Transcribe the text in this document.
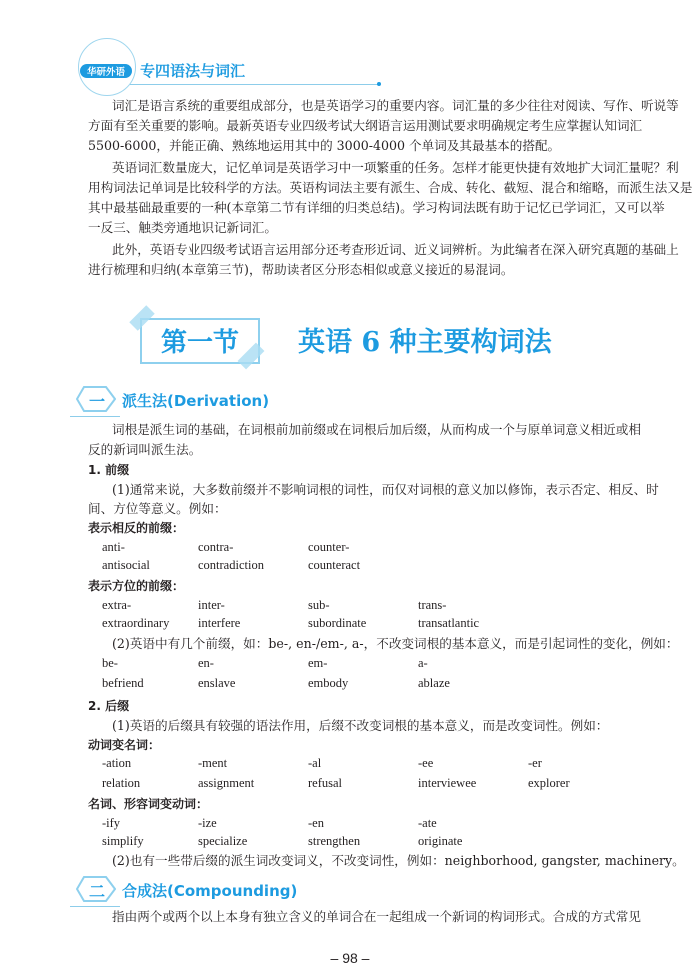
华研外语	专四语法与词汇
词汇是语言系统的重要组成部分，也是英语学习的重要内容。词汇量的多少往往对阅读、写作、听说等
方面有至关重要的影响。最新英语专业四级考试大纲语言运用测试要求明确规定考生应掌握认知词汇
5500-6000，并能正确、熟练地运用其中的 3000-4000 个单词及其最基本的搭配。
英语词汇数量庞大，记忆单词是英语学习中一项繁重的任务。怎样才能更快捷有效地扩大词汇量呢？利
用构词法记单词是比较科学的方法。英语构词法主要有派生、合成、转化、截短、混合和缩略，而派生法又是
其中最基础最重要的一种(本章第二节有详细的归类总结)。学习构词法既有助于记忆已学词汇，又可以举
一反三、触类旁通地识记新词汇。
此外，英语专业四级考试语言运用部分还考查形近词、近义词辨析。为此编者在深入研究真题的基础上
进行梳理和归纳(本章第三节)，帮助读者区分形态相似或意义接近的易混词。
第一节	英语 6 种主要构词法
一	派生法(Derivation)
词根是派生词的基础，在词根前加前缀或在词根后加后缀，从而构成一个与原单词意义相近或相
反的新词叫派生法。
1. 前缀
(1)通常来说，大多数前缀并不影响词根的词性，而仅对词根的意义加以修饰，表示否定、相反、时
间、方位等意义。例如：
表示相反的前缀：
anti-	contra-	counter-
antisocial	contradiction	counteract
表示方位的前缀：
extra-	inter-	sub-	trans-
extraordinary	interfere	subordinate	transatlantic
(2)英语中有几个前缀，如：be-, en-/em-, a-，不改变词根的基本意义，而是引起词性的变化，例如：
be-	en-	em-	a-
befriend	enslave	embody	ablaze
2. 后缀
(1)英语的后缀具有较强的语法作用，后缀不改变词根的基本意义，而是改变词性。例如：
动词变名词：
-ation	-ment	-al	-ee	-er
relation	assignment	refusal	interviewee	explorer
名词、形容词变动词：
-ify	-ize	-en	-ate
simplify	specialize	strengthen	originate
(2)也有一些带后缀的派生词改变词义，不改变词性，例如：neighborhood, gangster, machinery。
二	合成法(Compounding)
指由两个或两个以上本身有独立含义的单词合在一起组成一个新词的构词形式。合成的方式常见
– 98 –
